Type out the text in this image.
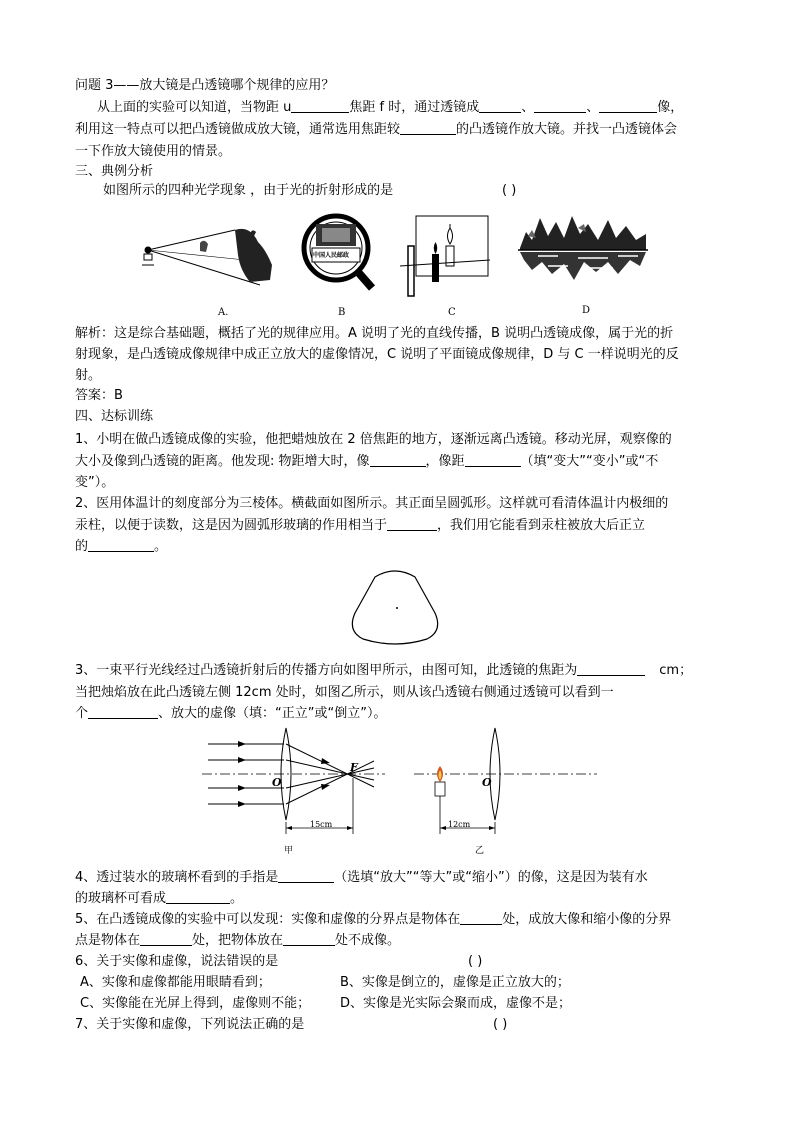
问题 3——放大镜是凸透镜哪个规律的应用？
从上面的实验可以知道，当物距 u	焦距 f 时，通过透镜成	、	、	像，
利用这一特点可以把凸透镜做成放大镜，通常选用焦距较	的凸透镜作放大镜。并找一凸透镜体会
一下作放大镜使用的情景。
三、典例分析
如图所示的四种光学现象 ，由于光的折射形成的是	( )
A.
中国人民邮政
B	C	D
解析：这是综合基础题，概括了光的规律应用。A 说明了光的直线传播，B 说明凸透镜成像，属于光的折
射现象，是凸透镜成像规律中成正立放大的虚像情况，C 说明了平面镜成像规律，D 与 C 一样说明光的反
射。
答案：B
四、达标训练
1、小明在做凸透镜成像的实验，他把蜡烛放在 2 倍焦距的地方，逐渐远离凸透镜。移动光屏，观察像的
大小及像到凸透镜的距离。他发现: 物距增大时，像	，像距	（填“变大”“变小”或“不
变”）。
2、医用体温计的刻度部分为三棱体。横截面如图所示。其正面呈圆弧形。这样就可看清体温计内极细的
汞柱，以便于读数，这是因为圆弧形玻璃的作用相当于	，我们用它能看到汞柱被放大后正立
的	。
3、一束平行光线经过凸透镜折射后的传播方向如图甲所示，由图可知，此透镜的焦距为	cm；
当把烛焰放在此凸透镜左侧 12cm 处时，如图乙所示，则从该凸透镜右侧通过透镜可以看到一
个	、放大的虚像（填：“正立”或“倒立”）。
O
F
15cm
甲
O
12cm
乙
4、透过装水的玻璃杯看到的手指是	（选填“放大”“等大”或“缩小”）的像，这是因为装有水
的玻璃杯可看成	。
5、在凸透镜成像的实验中可以发现：实像和虚像的分界点是物体在	处，成放大像和缩小像的分界
点是物体在	处，把物体放在	处不成像。
6、关于实像和虚像，说法错误的是	( )
A、实像和虚像都能用眼睛看到；	B、实像是倒立的，虚像是正立放大的；
C、实像能在光屏上得到，虚像则不能； D、实像是光实际会聚而成，虚像不是；
7、关于实像和虚像，下列说法正确的是	( )
